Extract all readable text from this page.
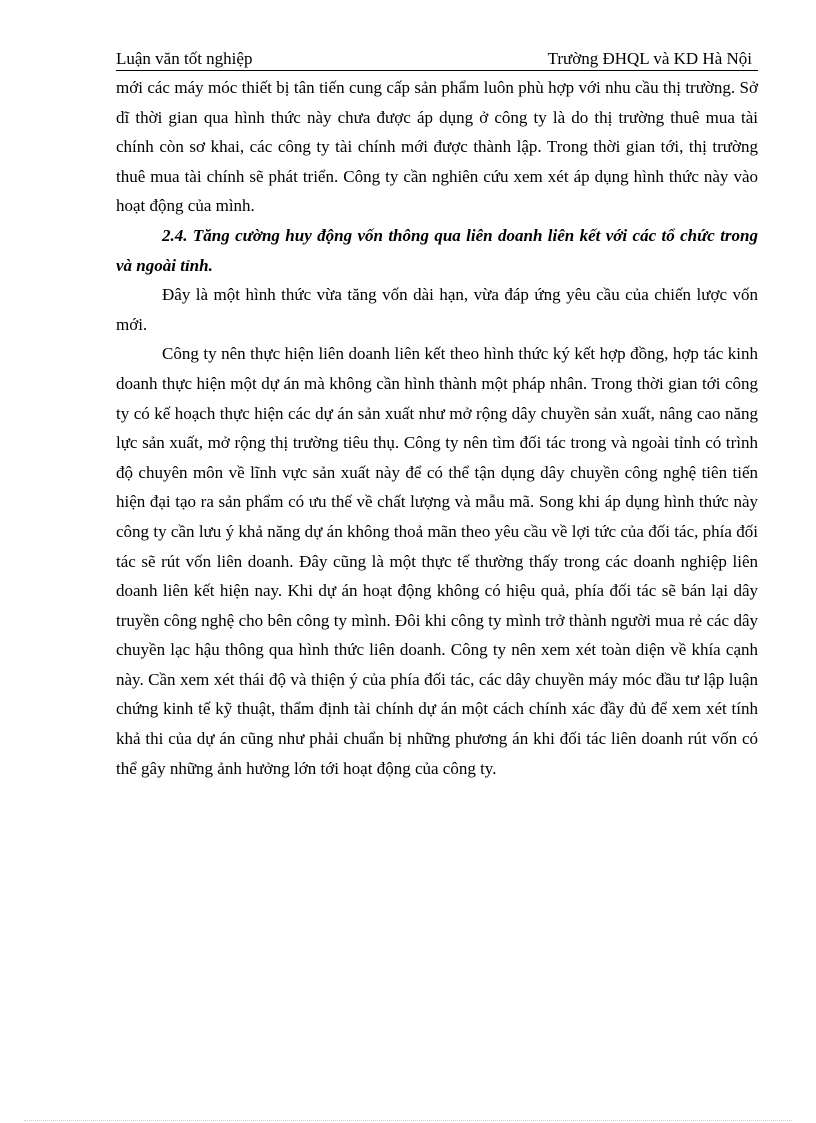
Luận văn tốt nghiệp	Trường ĐHQL và KD Hà Nội

mới các máy móc thiết bị tân tiến cung cấp sản phẩm luôn phù hợp với nhu cầu thị trường. Sở dĩ thời gian qua hình thức này chưa được áp dụng ở công ty là do thị trường thuê mua tài chính còn sơ khai, các công ty tài chính mới được thành lập. Trong thời gian tới, thị trường thuê mua tài chính sẽ phát triển. Công ty cần nghiên cứu xem xét áp dụng hình thức này vào hoạt động của mình.

2.4. Tăng cường huy động vốn thông qua liên doanh liên kết với các tổ chức trong và ngoài tỉnh.

Đây là một hình thức vừa tăng vốn dài hạn, vừa đáp ứng yêu cầu của chiến lược vốn mới.

Công ty nên thực hiện liên doanh liên kết theo hình thức ký kết hợp đồng, hợp tác kinh doanh thực hiện một dự án mà không cần hình thành một pháp nhân. Trong thời gian tới công ty có kế hoạch thực hiện các dự án sản xuất như mở rộng dây chuyền sản xuất, nâng cao năng lực sản xuất, mở rộng thị trường tiêu thụ. Công ty nên tìm đối tác trong và ngoài tỉnh có trình độ chuyên môn về lĩnh vực sản xuất này để có thể tận dụng dây chuyền công nghệ tiên tiến hiện đại tạo ra sản phẩm có ưu thế về chất lượng và mẫu mã. Song khi áp dụng hình thức này công ty cần lưu ý khả năng dự án không thoả mãn theo yêu cầu về lợi tức của đối tác, phía đối tác sẽ rút vốn liên doanh. Đây cũng là một thực tế thường thấy trong các doanh nghiệp liên doanh liên kết hiện nay. Khi dự án hoạt động không có hiệu quả, phía đối tác sẽ bán lại dây truyền công nghệ cho bên công ty mình. Đôi khi công ty mình trở thành người mua rẻ các dây chuyền lạc hậu thông qua hình thức liên doanh. Công ty nên xem xét toàn diện về khía cạnh này. Cần xem xét thái độ và thiện ý của phía đối tác, các dây chuyền máy móc đầu tư lập luận chứng kinh tế kỹ thuật, thẩm định tài chính dự án một cách chính xác đầy đủ để xem xét tính khả thi của dự án cũng như phải chuẩn bị những phương án khi đối tác liên doanh rút vốn có thể gây những ảnh hưởng lớn tới hoạt động của công ty.
